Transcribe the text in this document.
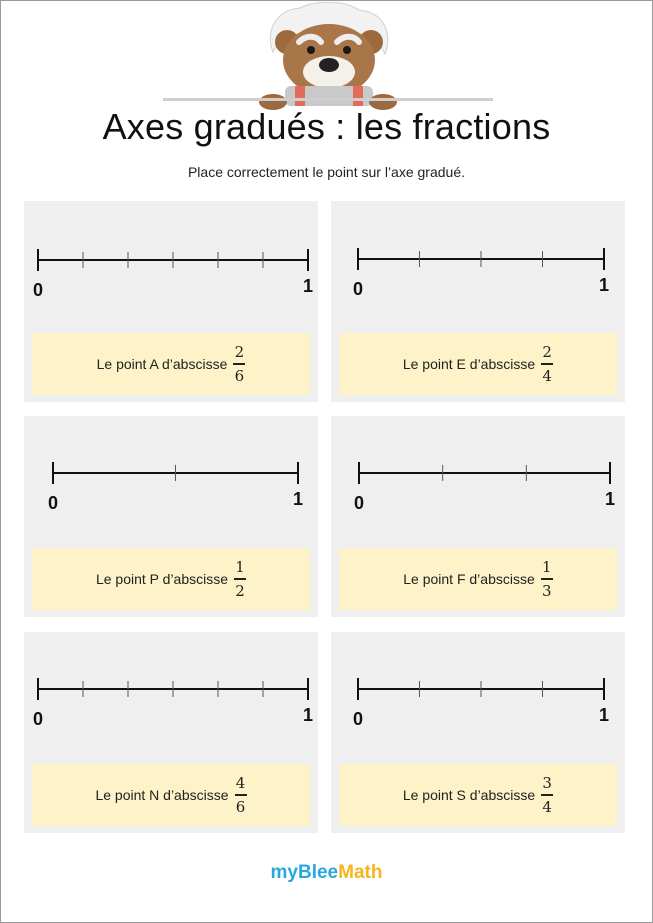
Axes gradués : les fractions
Place correctement le point sur l’axe gradué.
0	1
Le point A d’abscisse $\frac{2}{6}$
0	1
Le point E d’abscisse $\frac{2}{4}$
0	1
Le point P d’abscisse $\frac{1}{2}$
0	1
Le point F d’abscisse $\frac{1}{3}$
0	1
Le point N d’abscisse $\frac{4}{6}$
0	1
Le point S d’abscisse $\frac{3}{4}$
myBleeMath
